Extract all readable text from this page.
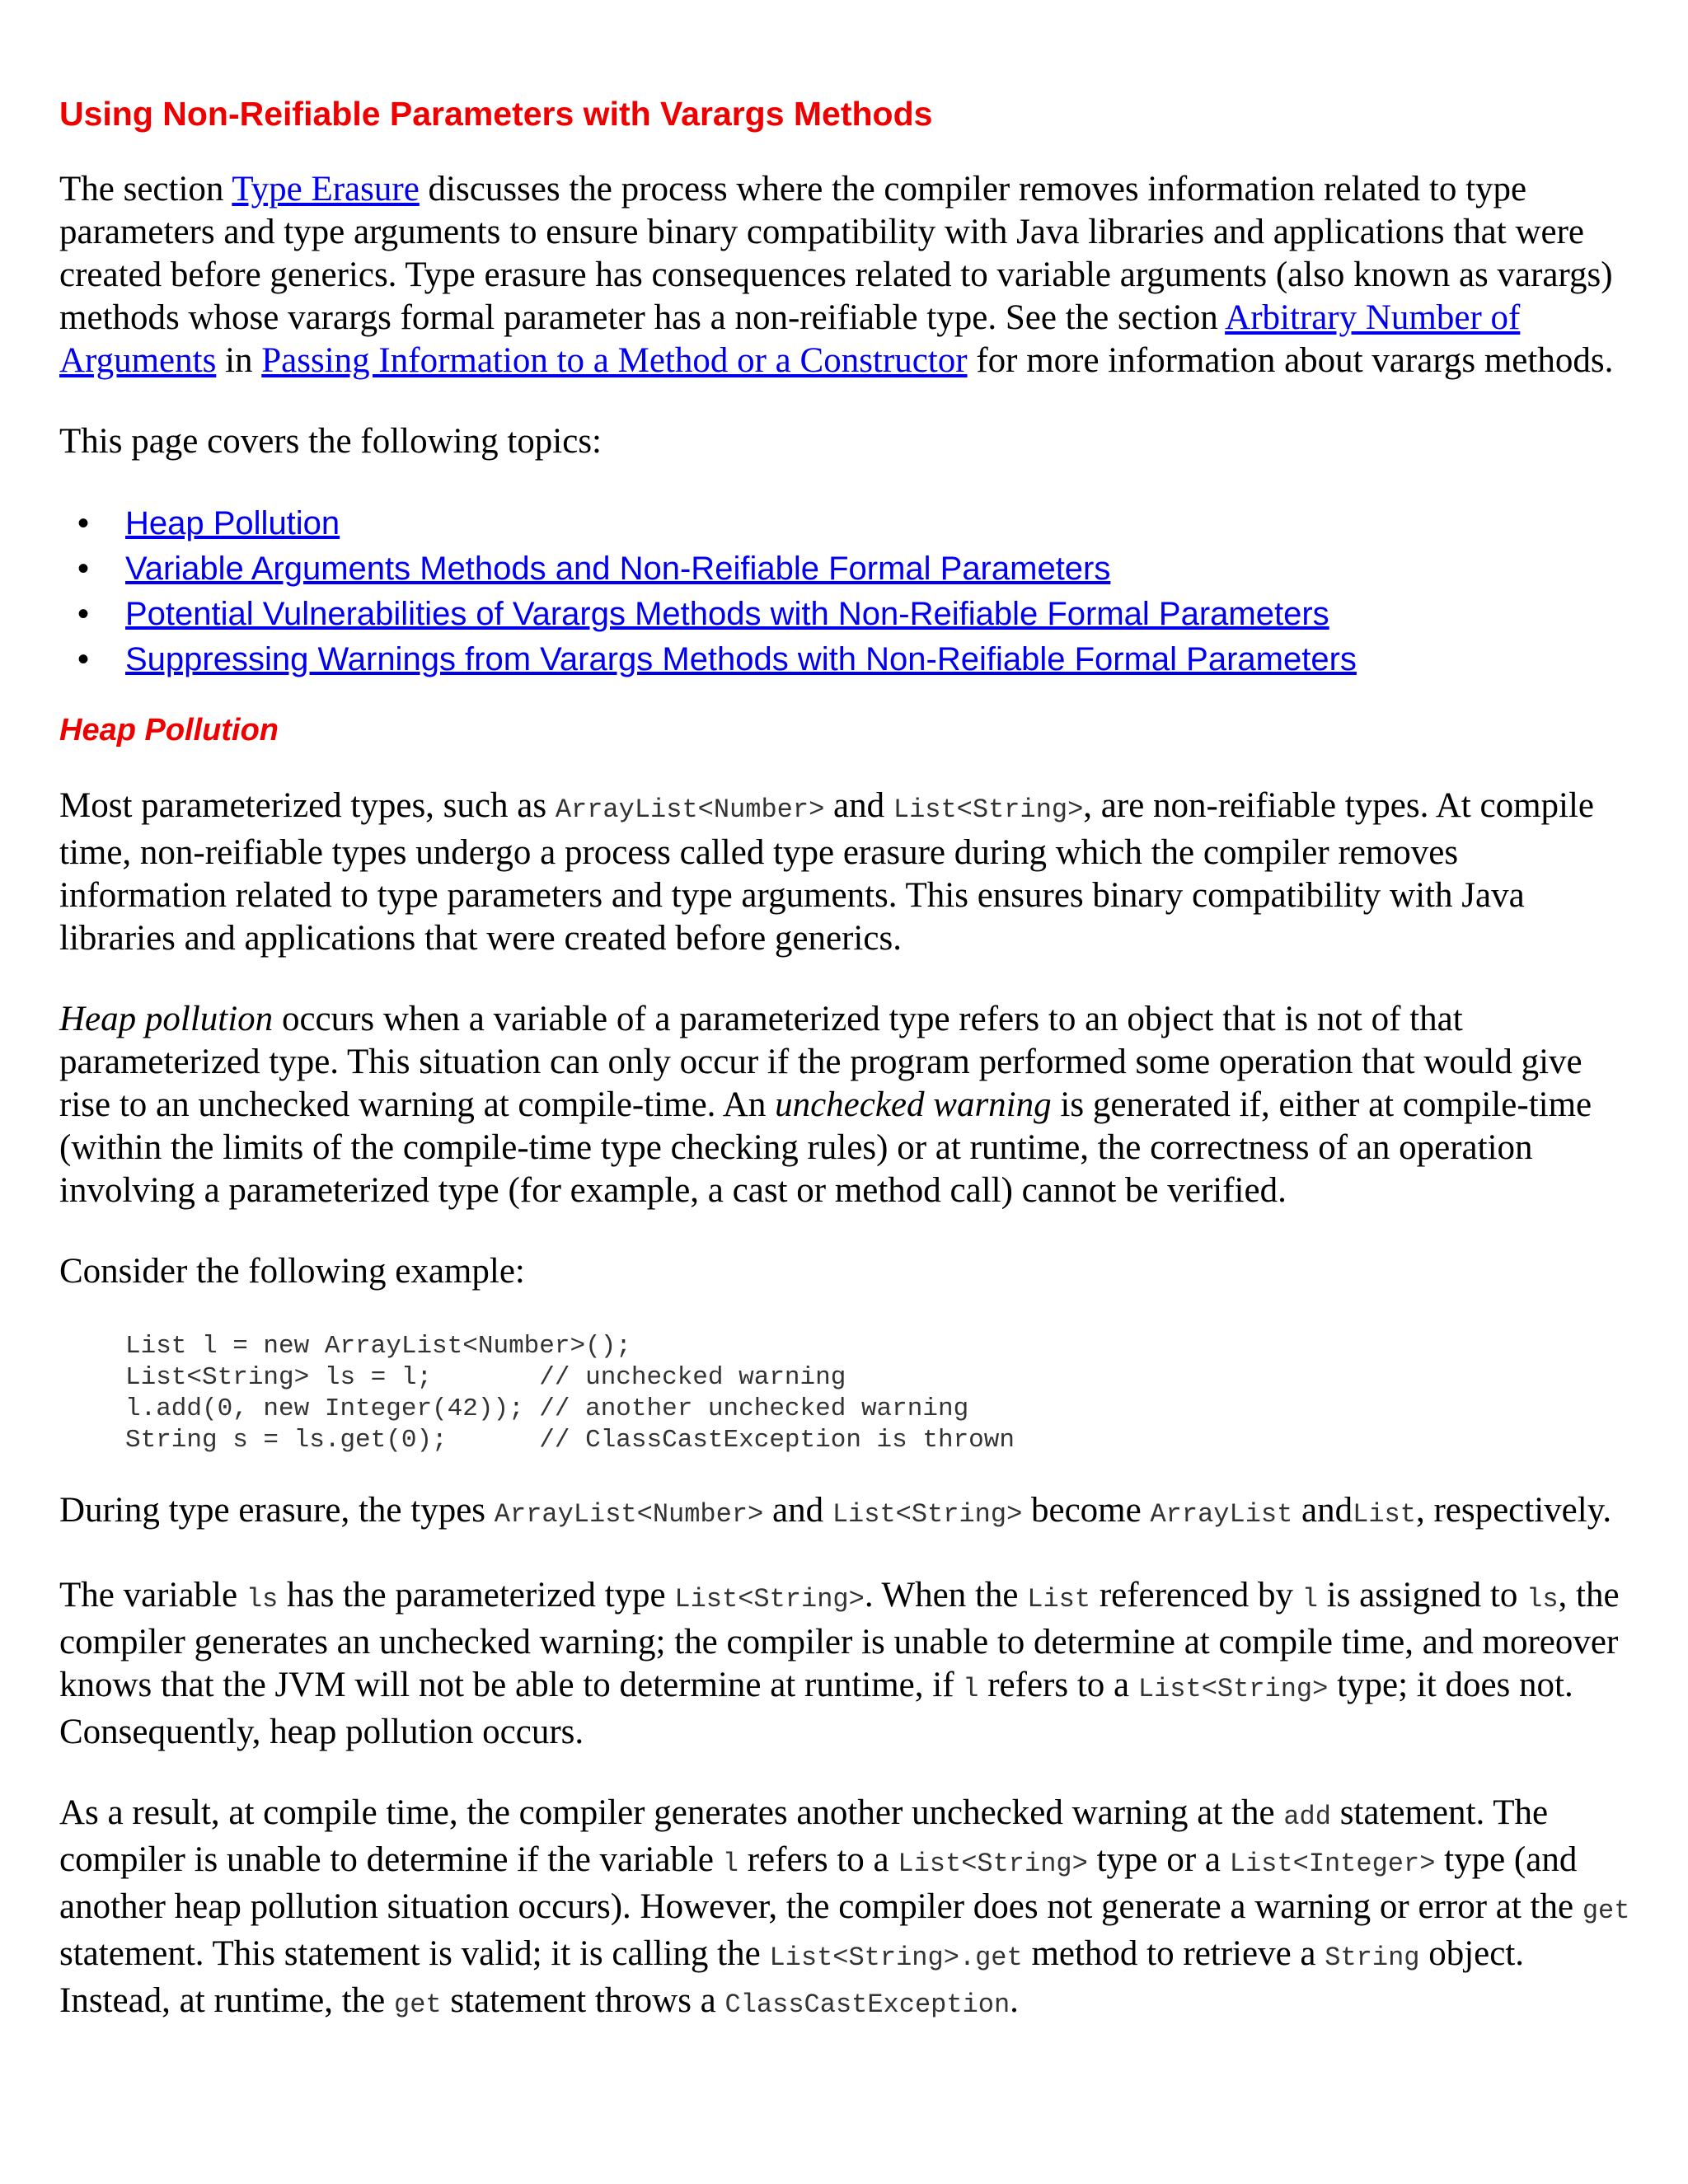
Using Non-Reifiable Parameters with Varargs Methods

The section Type Erasure discusses the process where the compiler removes information related to type parameters and type arguments to ensure binary compatibility with Java libraries and applications that were created before generics. Type erasure has consequences related to variable arguments (also known as varargs) methods whose varargs formal parameter has a non-reifiable type. See the section Arbitrary Number of Arguments in Passing Information to a Method or a Constructor for more information about varargs methods.

This page covers the following topics:

• Heap Pollution
• Variable Arguments Methods and Non-Reifiable Formal Parameters
• Potential Vulnerabilities of Varargs Methods with Non-Reifiable Formal Parameters
• Suppressing Warnings from Varargs Methods with Non-Reifiable Formal Parameters
Heap Pollution

Most parameterized types, such as ArrayList<Number> and List<String>, are non-reifiable types. At compile time, non-reifiable types undergo a process called type erasure during which the compiler removes information related to type parameters and type arguments. This ensures binary compatibility with Java libraries and applications that were created before generics.

Heap pollution occurs when a variable of a parameterized type refers to an object that is not of that parameterized type. This situation can only occur if the program performed some operation that would give rise to an unchecked warning at compile-time. An unchecked warning is generated if, either at compile-time (within the limits of the compile-time type checking rules) or at runtime, the correctness of an operation involving a parameterized type (for example, a cast or method call) cannot be verified.

Consider the following example:

List l = new ArrayList<Number>();
List<String> ls = l;       // unchecked warning
l.add(0, new Integer(42)); // another unchecked warning
String s = ls.get(0);      // ClassCastException is thrown

During type erasure, the types ArrayList<Number> and List<String> become ArrayList andList, respectively.

The variable ls has the parameterized type List<String>. When the List referenced by l is assigned to ls, the compiler generates an unchecked warning; the compiler is unable to determine at compile time, and moreover knows that the JVM will not be able to determine at runtime, if l refers to a List<String> type; it does not. Consequently, heap pollution occurs.

As a result, at compile time, the compiler generates another unchecked warning at the add statement. The compiler is unable to determine if the variable l refers to a List<String> type or a List<Integer> type (and another heap pollution situation occurs). However, the compiler does not generate a warning or error at the get statement. This statement is valid; it is calling the List<String>.get method to retrieve a String object. Instead, at runtime, the get statement throws a ClassCastException.
